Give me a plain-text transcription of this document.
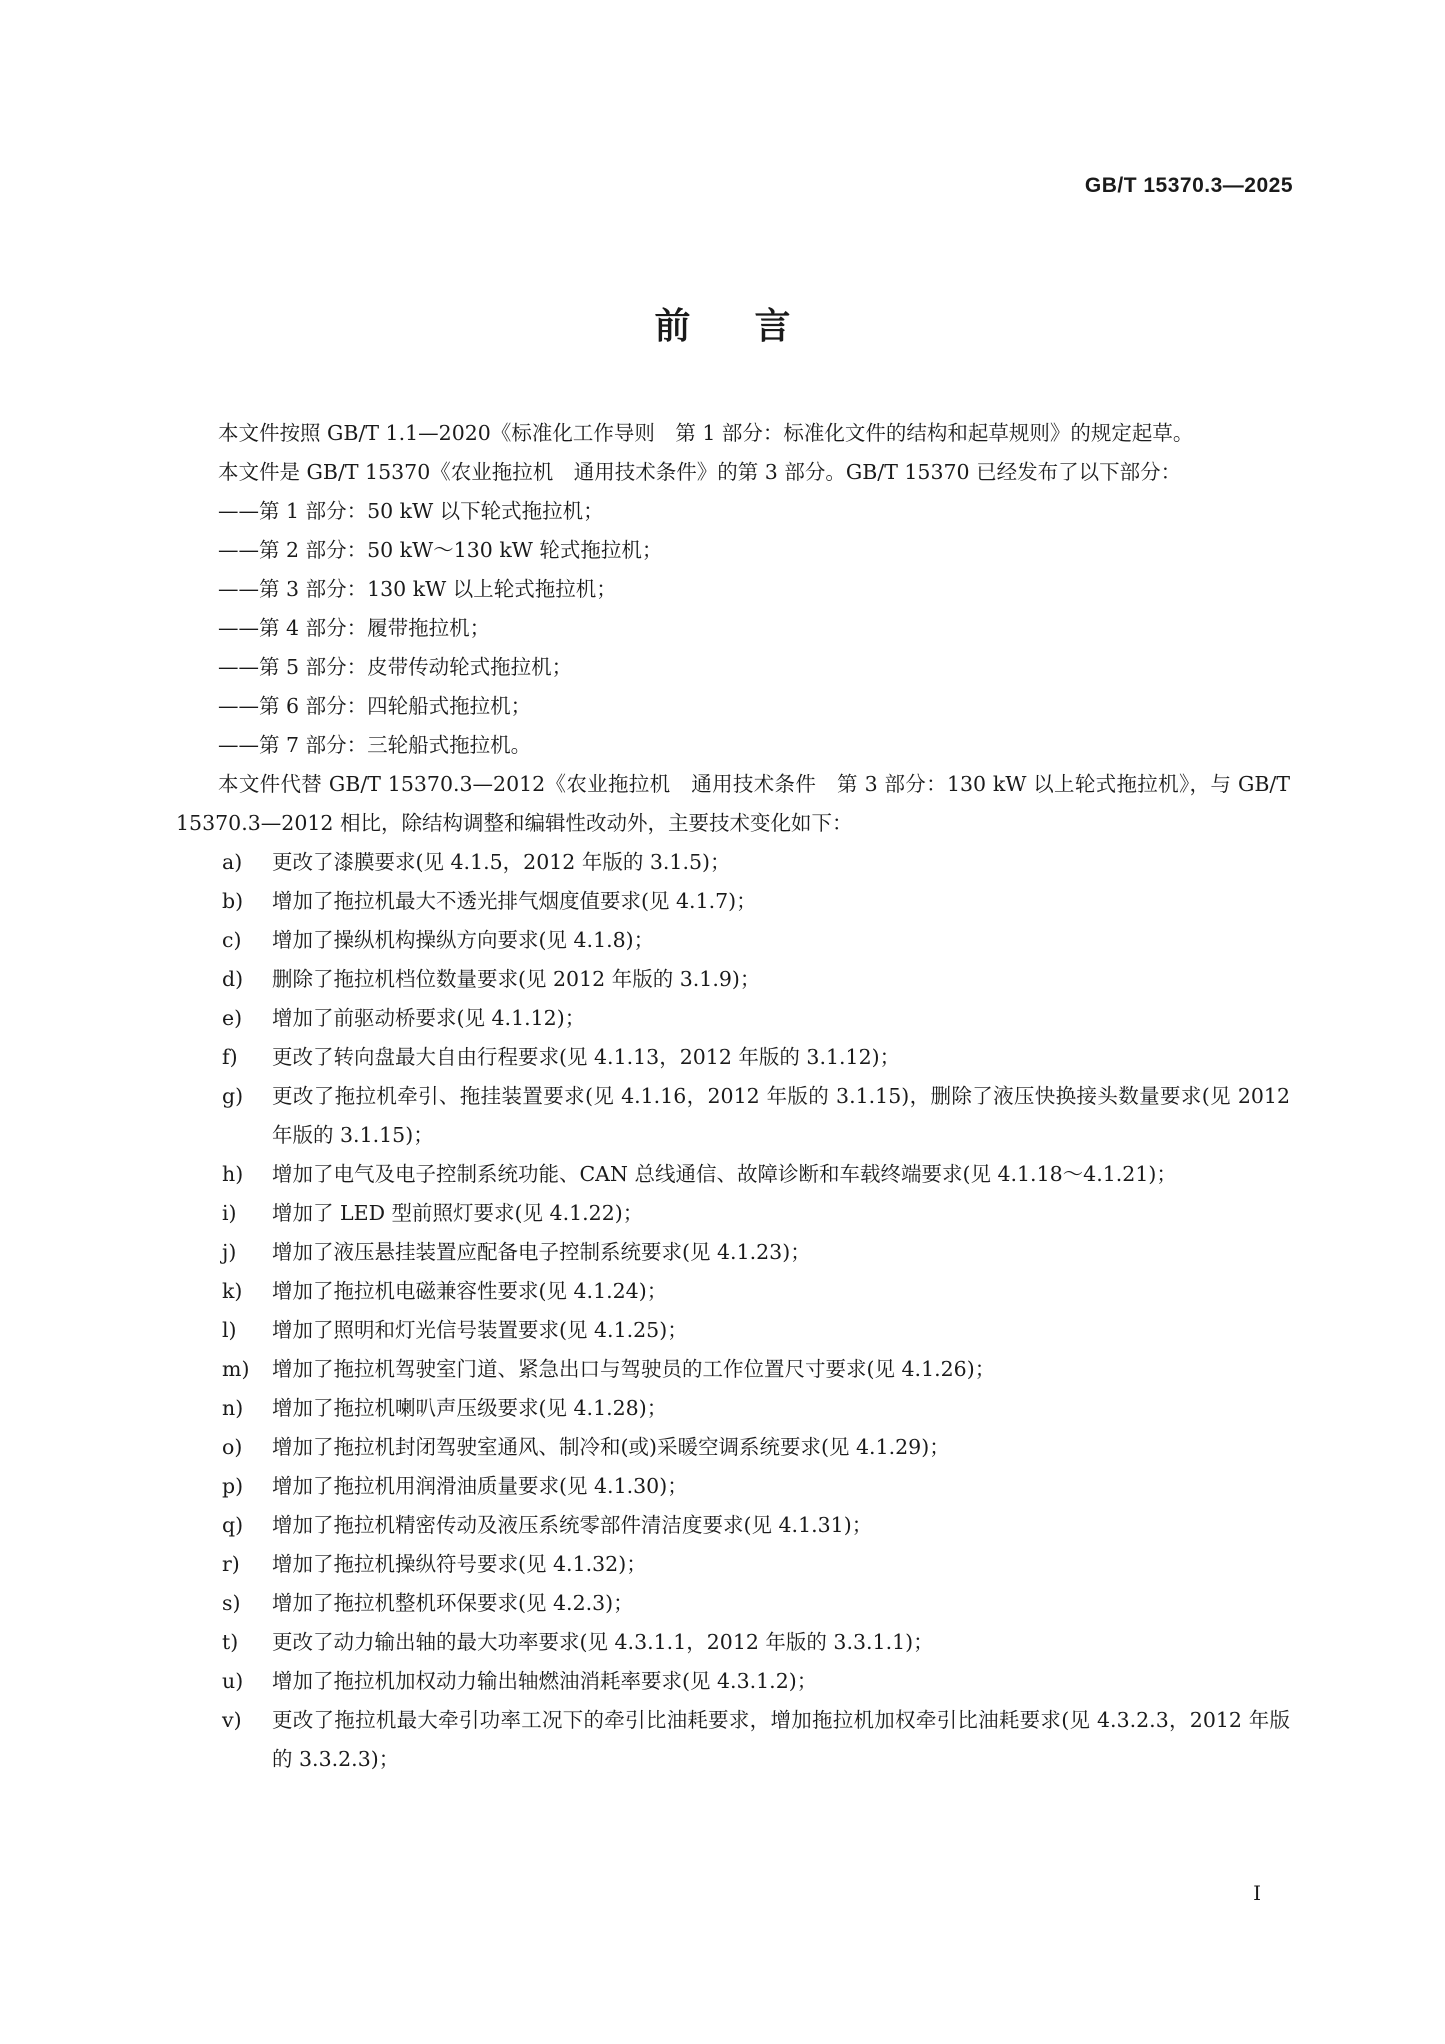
GB/T 15370.3—2025
前言

本文件按照 GB/T 1.1—2020《标准化工作导则　第 1 部分：标准化文件的结构和起草规则》的规定起草。

本文件是 GB/T 15370《农业拖拉机　通用技术条件》的第 3 部分。GB/T 15370 已经发布了以下部分：

——第 1 部分：50 kW 以下轮式拖拉机；

——第 2 部分：50 kW～130 kW 轮式拖拉机；

——第 3 部分：130 kW 以上轮式拖拉机；

——第 4 部分：履带拖拉机；

——第 5 部分：皮带传动轮式拖拉机；

——第 6 部分：四轮船式拖拉机；

——第 7 部分：三轮船式拖拉机。

本文件代替 GB/T 15370.3—2012《农业拖拉机　通用技术条件　第 3 部分：130 kW 以上轮式拖拉机》，与 GB/T 15370.3—2012 相比，除结构调整和编辑性改动外，主要技术变化如下：

a)	更改了漆膜要求(见 4.1.5，2012 年版的 3.1.5)；
b)	增加了拖拉机最大不透光排气烟度值要求(见 4.1.7)；
c)	增加了操纵机构操纵方向要求(见 4.1.8)；
d)	删除了拖拉机档位数量要求(见 2012 年版的 3.1.9)；
e)	增加了前驱动桥要求(见 4.1.12)；
f)	更改了转向盘最大自由行程要求(见 4.1.13，2012 年版的 3.1.12)；
g)	更改了拖拉机牵引、拖挂装置要求(见 4.1.16，2012 年版的 3.1.15)，删除了液压快换接头数量要求(见 2012 年版的 3.1.15)；
h)	增加了电气及电子控制系统功能、CAN 总线通信、故障诊断和车载终端要求(见 4.1.18～4.1.21)；
i)	增加了 LED 型前照灯要求(见 4.1.22)；
j)	增加了液压悬挂装置应配备电子控制系统要求(见 4.1.23)；
k)	增加了拖拉机电磁兼容性要求(见 4.1.24)；
l)	增加了照明和灯光信号装置要求(见 4.1.25)；
m)	增加了拖拉机驾驶室门道、紧急出口与驾驶员的工作位置尺寸要求(见 4.1.26)；
n)	增加了拖拉机喇叭声压级要求(见 4.1.28)；
o)	增加了拖拉机封闭驾驶室通风、制冷和(或)采暖空调系统要求(见 4.1.29)；
p)	增加了拖拉机用润滑油质量要求(见 4.1.30)；
q)	增加了拖拉机精密传动及液压系统零部件清洁度要求(见 4.1.31)；
r)	增加了拖拉机操纵符号要求(见 4.1.32)；
s)	增加了拖拉机整机环保要求(见 4.2.3)；
t)	更改了动力输出轴的最大功率要求(见 4.3.1.1，2012 年版的 3.3.1.1)；
u)	增加了拖拉机加权动力输出轴燃油消耗率要求(见 4.3.1.2)；
v)	更改了拖拉机最大牵引功率工况下的牵引比油耗要求，增加拖拉机加权牵引比油耗要求(见 4.3.2.3，2012 年版的 3.3.2.3)；
I
